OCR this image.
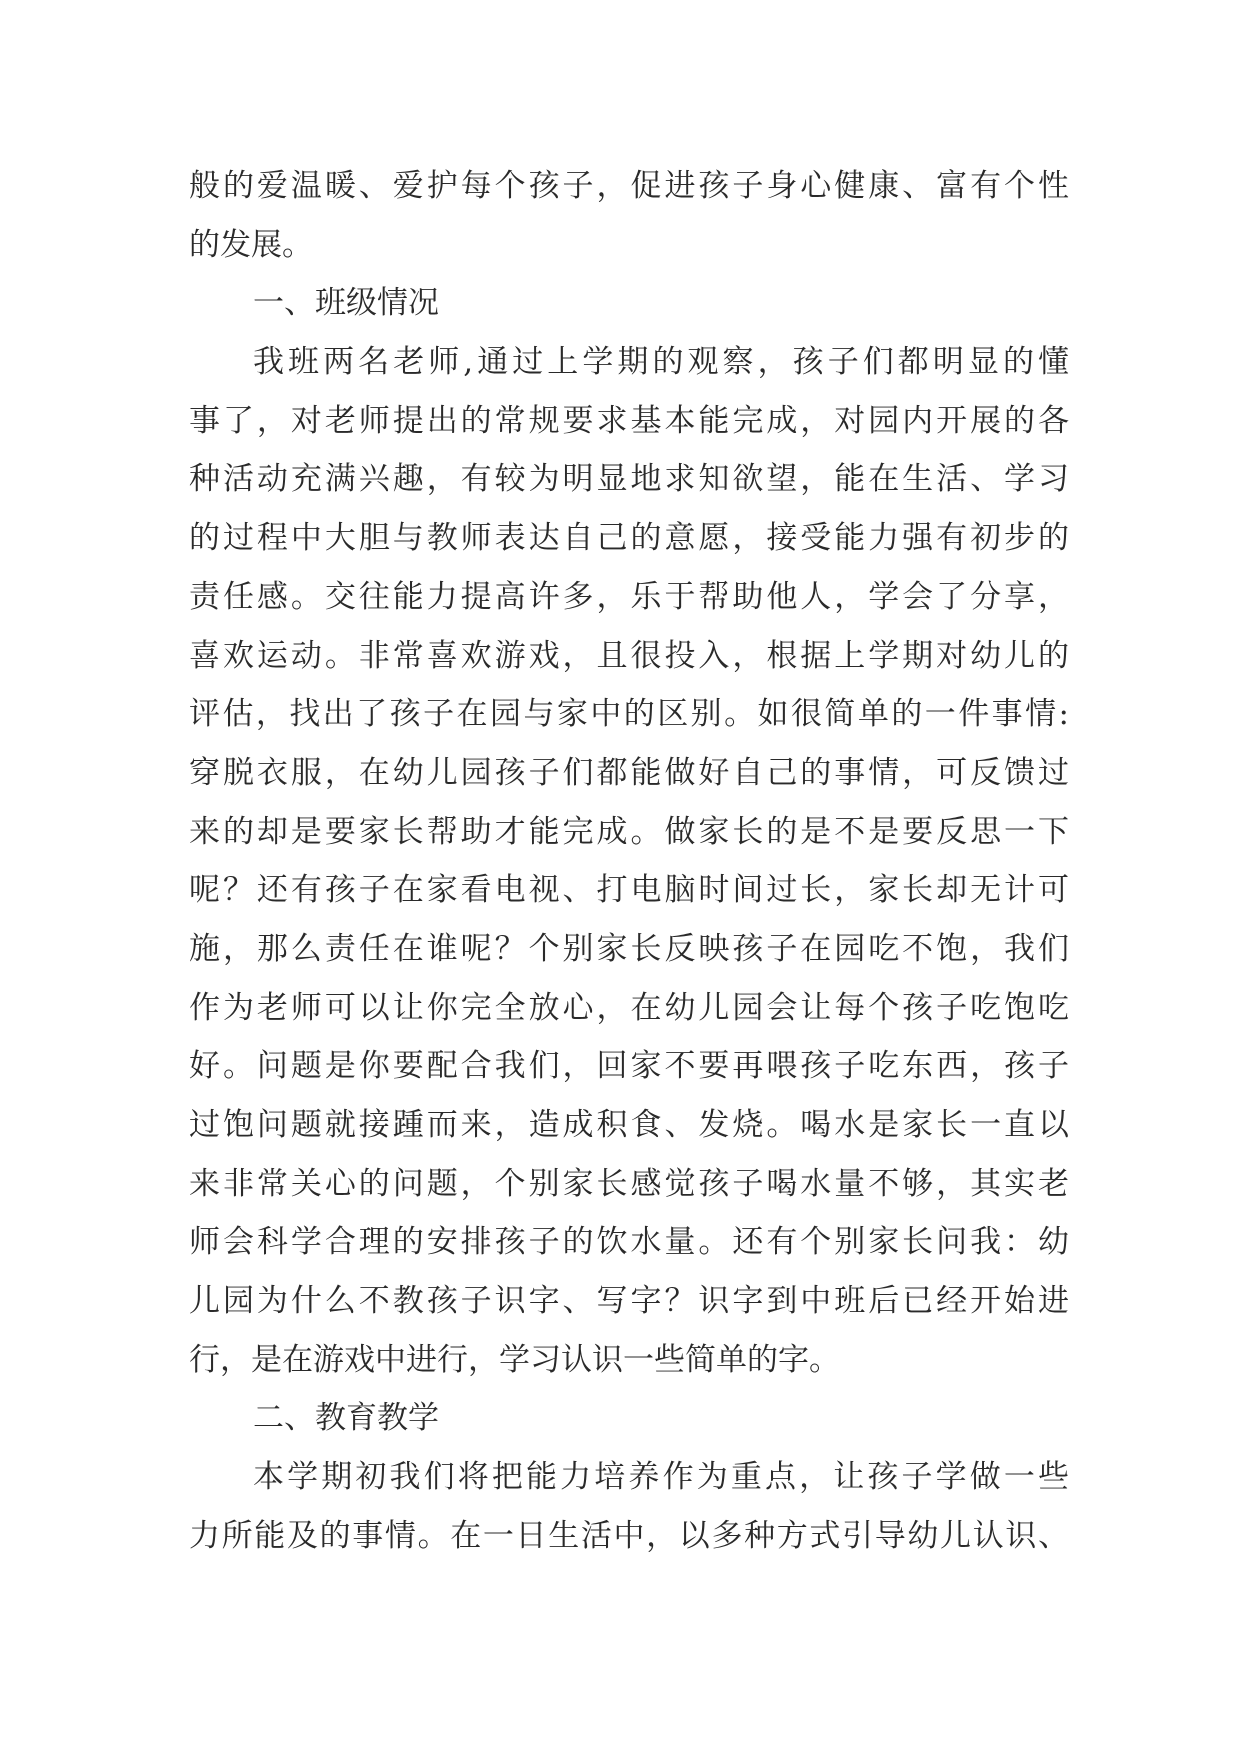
般的爱温暖、爱护每个孩子，促进孩子身心健康、富有个性
的发展。
一、班级情况
我班两名老师,通过上学期的观察，孩子们都明显的懂
事了，对老师提出的常规要求基本能完成，对园内开展的各
种活动充满兴趣，有较为明显地求知欲望，能在生活、学习
的过程中大胆与教师表达自己的意愿，接受能力强有初步的
责任感。交往能力提高许多，乐于帮助他人，学会了分享，
喜欢运动。非常喜欢游戏，且很投入，根据上学期对幼儿的
评估，找出了孩子在园与家中的区别。如很简单的一件事情:
穿脱衣服，在幼儿园孩子们都能做好自己的事情，可反馈过
来的却是要家长帮助才能完成。做家长的是不是要反思一下
呢？还有孩子在家看电视、打电脑时间过长，家长却无计可
施，那么责任在谁呢？个别家长反映孩子在园吃不饱，我们
作为老师可以让你完全放心，在幼儿园会让每个孩子吃饱吃
好。问题是你要配合我们，回家不要再喂孩子吃东西，孩子
过饱问题就接踵而来，造成积食、发烧。喝水是家长一直以
来非常关心的问题，个别家长感觉孩子喝水量不够，其实老
师会科学合理的安排孩子的饮水量。还有个别家长问我：幼
儿园为什么不教孩子识字、写字？识字到中班后已经开始进
行，是在游戏中进行，学习认识一些简单的字。
二、教育教学
本学期初我们将把能力培养作为重点，让孩子学做一些
力所能及的事情。在一日生活中，以多种方式引导幼儿认识、
